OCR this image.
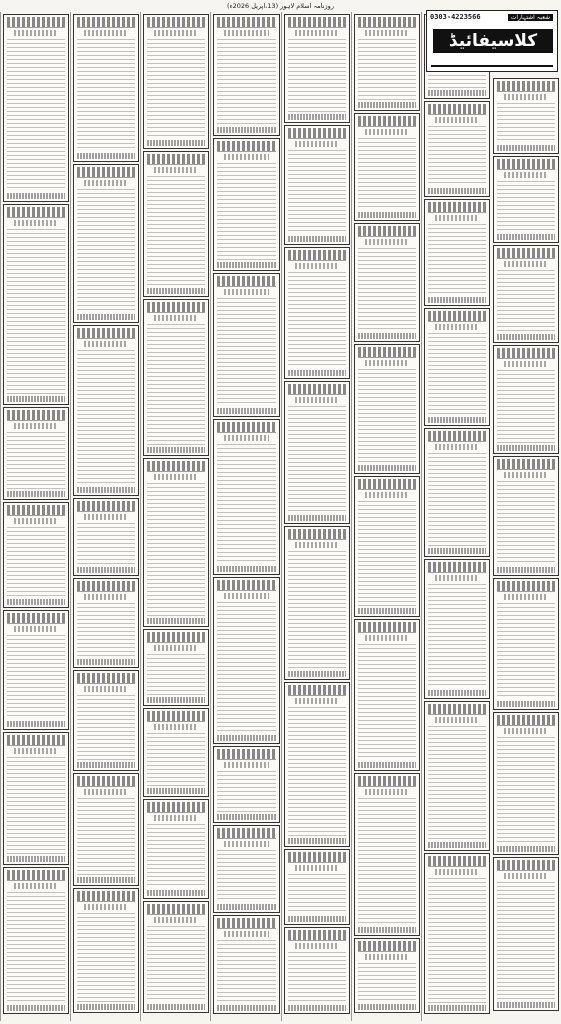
روزنامہ اسلام لاہور (13،اپریل 2026ء)
0303-4223566	شعبہ اشتہارات
کلاسیفائیڈ
